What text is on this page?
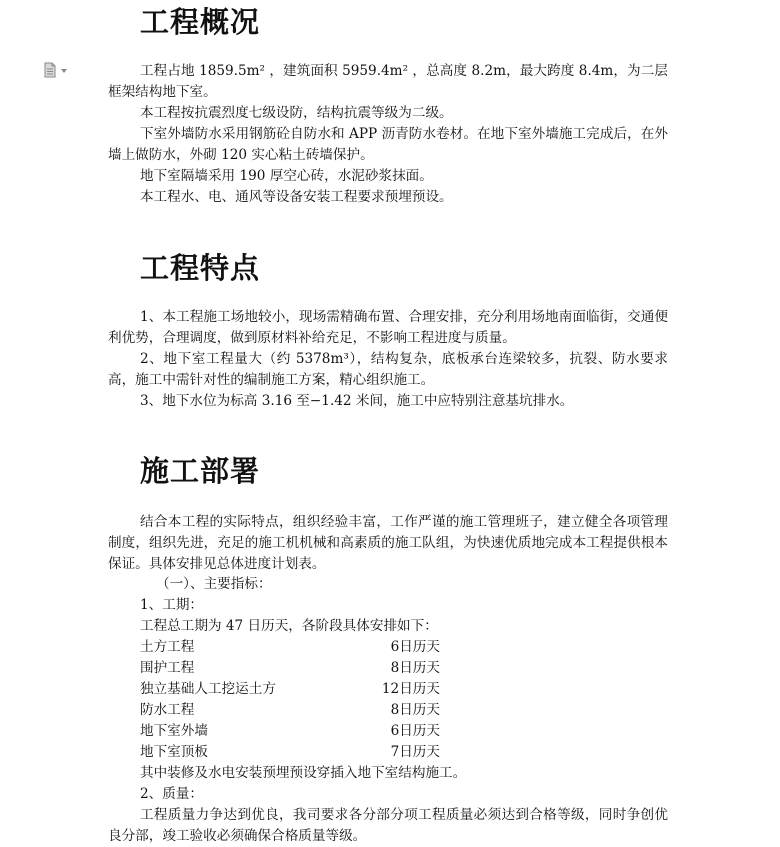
工程概况

工程占地 1859.5m² ，建筑面积 5959.4m² ，总高度 8.2m，最大跨度 8.4m，为二层框架结构地下室。

本工程按抗震烈度七级设防，结构抗震等级为二级。

下室外墙防水采用钢筋砼自防水和 APP 沥青防水卷材。在地下室外墙施工完成后，在外墙上做防水，外砌 120 实心粘土砖墙保护。

地下室隔墙采用 190 厚空心砖，水泥砂浆抹面。

本工程水、电、通风等设备安装工程要求预埋预设。

工程特点

1、本工程施工场地较小，现场需精确布置、合理安排，充分利用场地南面临街，交通便利优势，合理调度，做到原材料补给充足，不影响工程进度与质量。

2、地下室工程量大（约 5378m³），结构复杂，底板承台连梁较多，抗裂、防水要求高，施工中需针对性的编制施工方案，精心组织施工。

3、地下水位为标高 3.16 至−1.42 米间，施工中应特别注意基坑排水。

施工部署

结合本工程的实际特点，组织经验丰富，工作严谨的施工管理班子，建立健全各项管理制度，组织先进，充足的施工机机械和高素质的施工队组，为快速优质地完成本工程提供根本保证。具体安排见总体进度计划表。

（一）、主要指标：

1、工期：

工程总工期为 47 日历天，各阶段具体安排如下：

土方工程	6日历天
围护工程	8日历天
独立基础人工挖运土方	12日历天
防水工程	8日历天
地下室外墙	6日历天
地下室顶板	7日历天

其中装修及水电安装预埋预设穿插入地下室结构施工。

2、质量：

工程质量力争达到优良，我司要求各分部分项工程质量必须达到合格等级，同时争创优良分部，竣工验收必须确保合格质量等级。
